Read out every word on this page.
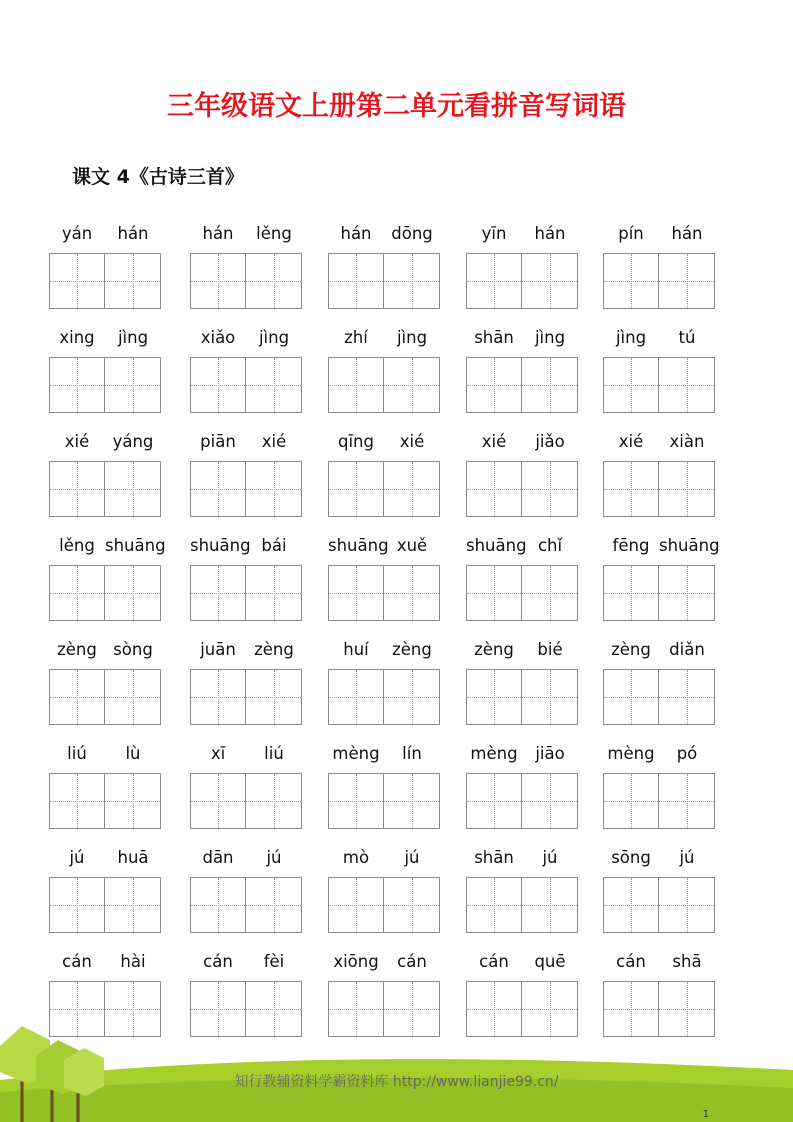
三年级语文上册第二单元看拼音写词语
课文 4《古诗三首》
yán	hán	hán	lěng	hán	dōng	yīn	hán	pín	hán
xing	jìng	xiǎo	jìng	zhí	jìng	shān	jìng	jìng	tú
xié	yáng	piān	xié	qīng	xié	xié	jiǎo	xié	xiàn
lěng shuāng shuāng bái	shuāng xuě	shuāng chǐ	fēng shuāng
zèng sòng	juān	zèng	huí	zèng	zèng	bié	zèng	diǎn
liú	lù	xī	liú	mèng	lín	mèng	jiāo	mèng	pó
jú	huā	dān	jú	mò	jú	shān	jú	sōng	jú
cán	hài	cán	fèi	xiōng	cán	cán	quē	cán	shā
知行教辅资料学霸资料库 http://www.lianjie99.cn/
1
